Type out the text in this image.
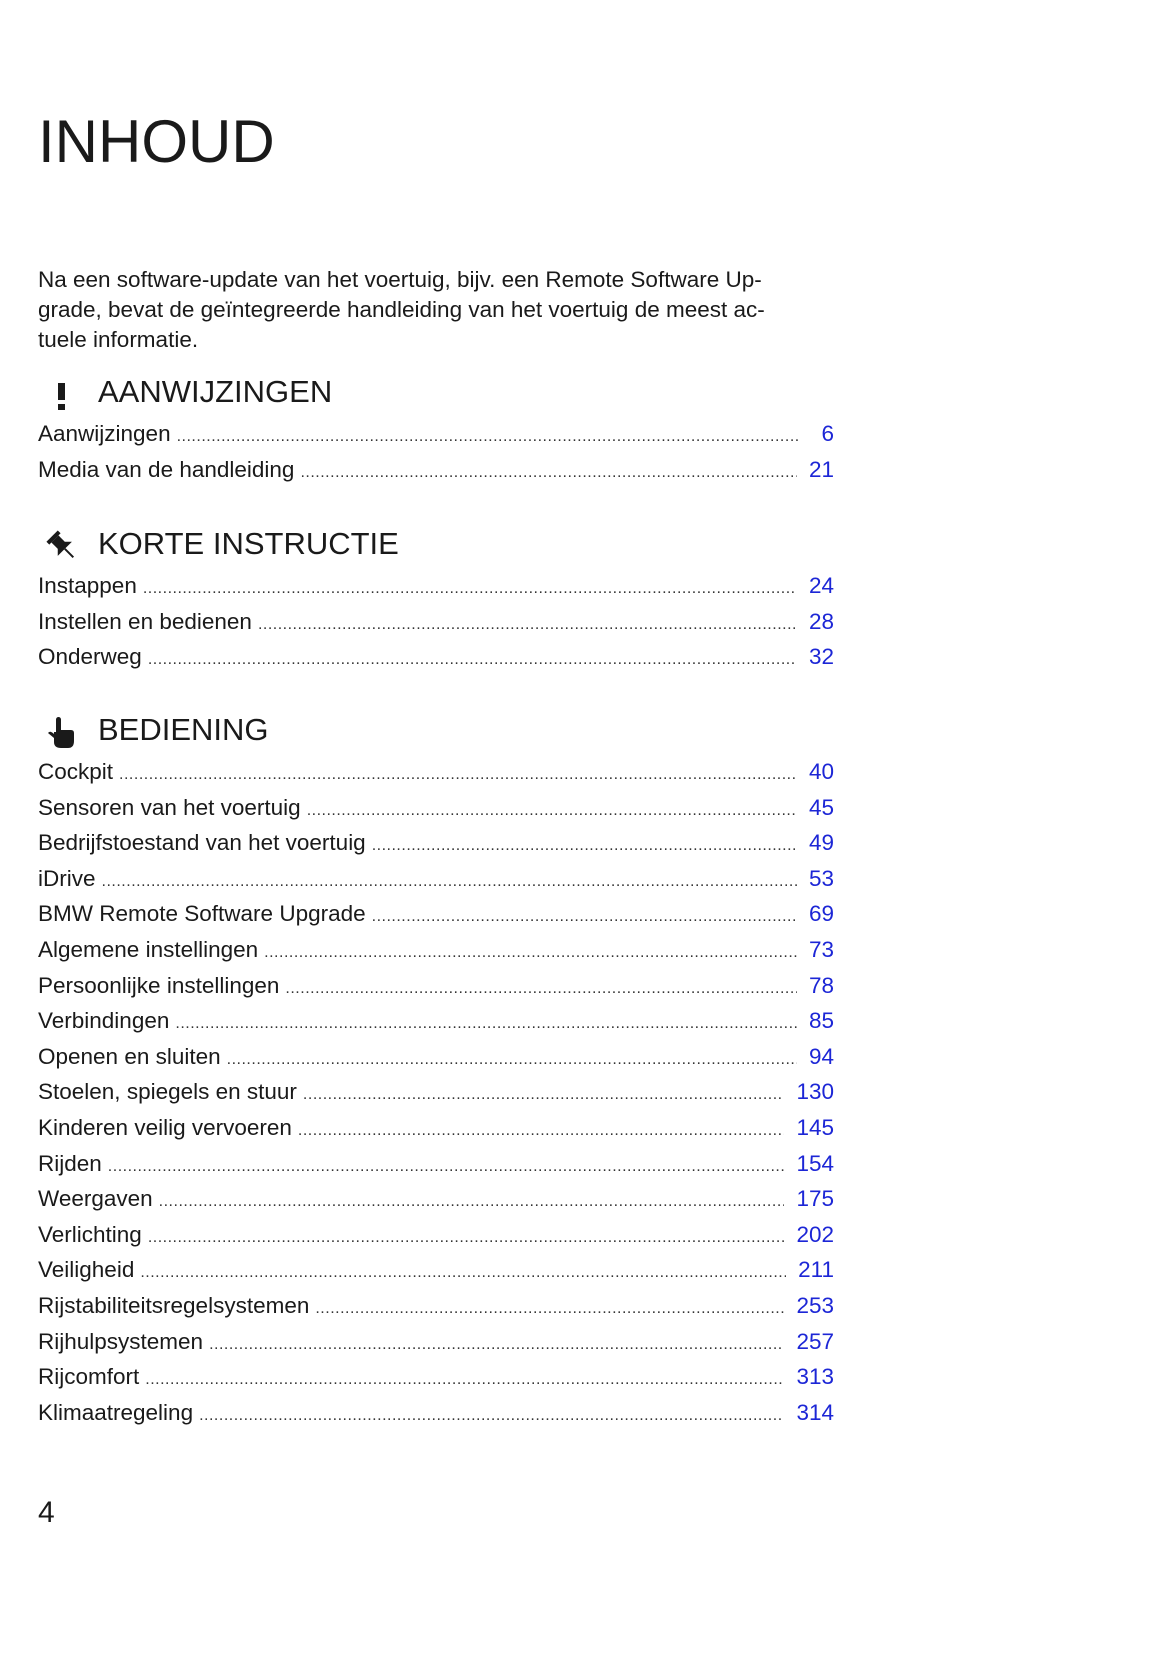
INHOUD
Na een software-update van het voertuig, bijv. een Remote Software Up-
grade, bevat de geïntegreerde handleiding van het voertuig de meest ac-
tuele informatie.
AANWIJZINGEN
Aanwijzingen .....	6
Media van de handleiding .....	21
KORTE INSTRUCTIE
Instappen .....	24
Instellen en bedienen .....	28
Onderweg .....	32
BEDIENING
Cockpit .....	40
Sensoren van het voertuig .....	45
Bedrijfstoestand van het voertuig .....	49
iDrive .....	53
BMW Remote Software Upgrade .....	69
Algemene instellingen .....	73
Persoonlijke instellingen .....	78
Verbindingen .....	85
Openen en sluiten .....	94
Stoelen, spiegels en stuur .....	130
Kinderen veilig vervoeren .....	145
Rijden .....	154
Weergaven .....	175
Verlichting .....	202
Veiligheid .....	211
Rijstabiliteitsregelsystemen .....	253
Rijhulpsystemen .....	257
Rijcomfort .....	313
Klimaatregeling .....	314
4
